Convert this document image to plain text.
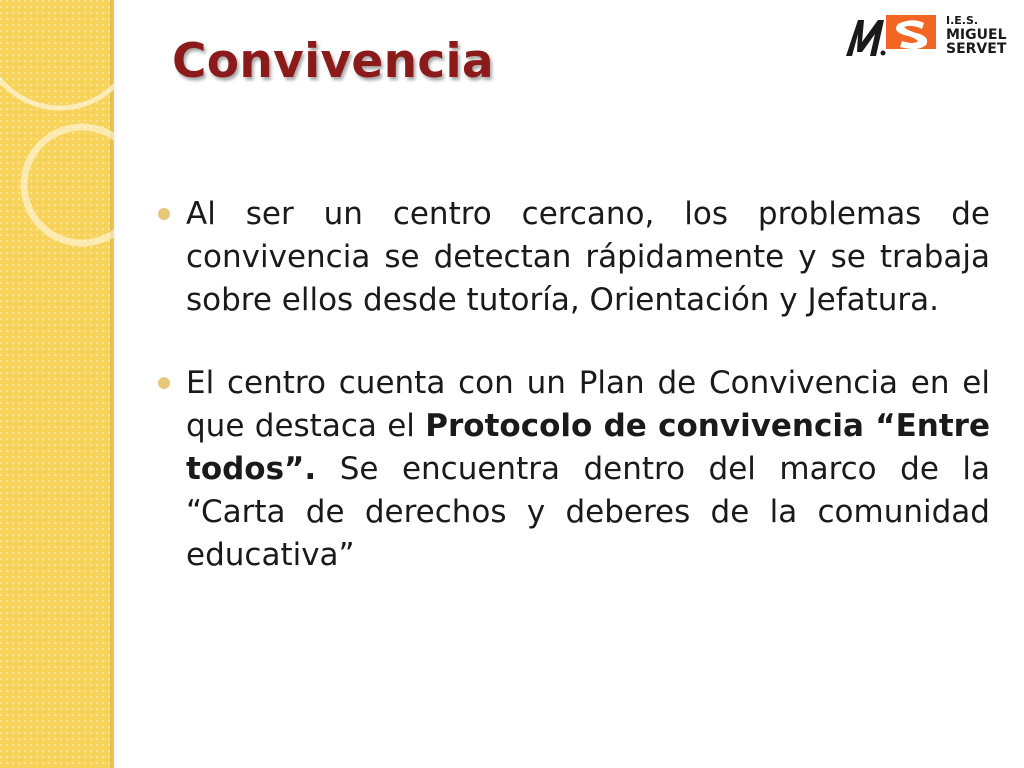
Convivencia
I.E.S.
MIGUEL
SERVET
Al ser un centro cercano, los problemas de convivencia se detectan rápidamente y se trabaja sobre ellos desde tutoría, Orientación y Jefatura.
El centro cuenta con un Plan de Convivencia en el que destaca el Protocolo de convivencia “Entre todos”. Se encuentra dentro del marco de la “Carta de derechos y deberes de la comunidad educativa”
